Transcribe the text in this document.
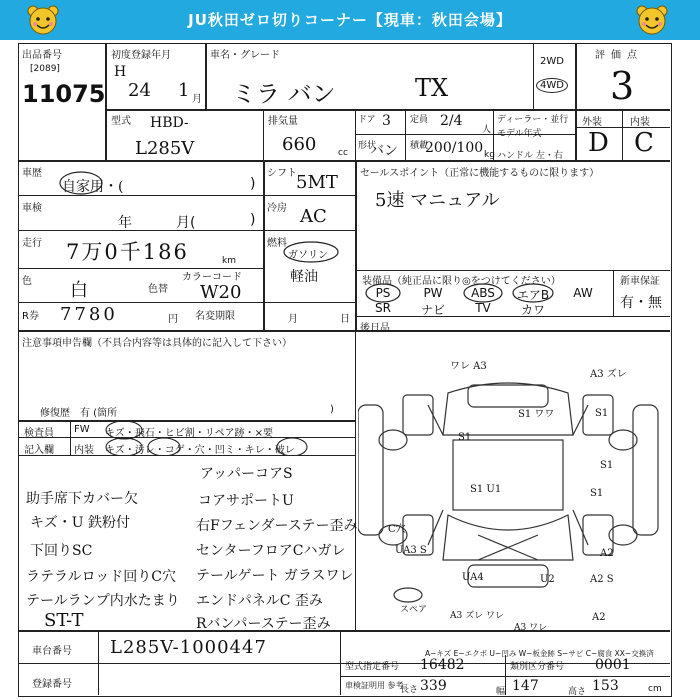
JU秋田ゼロ切りコーナー【現車：秋田会場】
出品番号
[2089]
11075
初度登録年月
H
24 1 月
車名・グレード
ミラ バン	TX
2WD
4WD
評価点
3
型式 HBD-
L285V
排気量
660 cc
ドア 3 定員 2/4
人
ディーラー・並行
モデル年式
形状
バン 積載
200/100 kg ハンドル 左・右
外装	内装
D C
車歴
自家用・(	)
車検
年	月(	)
走行 7万0千186	km
色 白	色替
カラーコード
W20
R券 7780	円 名変期限	月	日
シフト 5MT
冷房 AC
燃料
ガソリン
軽油
セールスポイント（正常に機能するものに限ります）
5速 マニュアル
装備品（純正品に限り◎をつけてください）	新車保証
有・無
PS	PW	ABS	エアB	AW
SR	ナビ	TV	カワ
後日品
注意事項申告欄（不具合内容等は具体的に記入して下さい）
修復歴　有 (箇所	)
検査員
記入欄
FW キズ・飛石・ヒビ割・リペア跡・×要
内装 キズ・汚レ・コゲ・穴・凹ミ・キレ・破レ
助手席下カバー欠
キズ・U 鉄粉付
下回りSC
ラテラルロッド回りC穴
テールランプ内水たまり
ST-T
アッパーコアS
コアサポートU
右Fフェンダーステー歪み
センターフロアCハガレ
テールゲート ガラスワレ
エンドパネルC 歪み
Rバンパーステー歪み
ワレ A3
A3 ズレ
S1 ワワ	S1
S1
S1
S1 U1	S1
C穴
UA3 S	A2
UA4	U2	A2 S
A2
A3 ズレ ワレ
A3 ワレ
スペア
A−キズ E−エクボ U−凹み W−板金跡 S−サビ C−腐食 XX−交換済
車台番号 L285V-1000447
登録番号
型式指定番号 16482	類別区分番号 0001
車検証明用 参考
長さ 339	幅 147	高さ 153	cm
